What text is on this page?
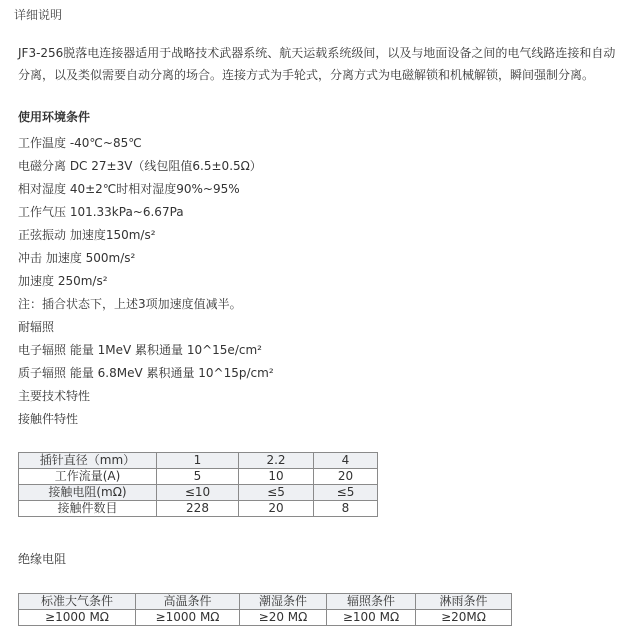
详细说明
JF3-256脱落电连接器适用于战略技术武器系统、航天运载系统级间，以及与地面设备之间的电气线路连接和自动分离，以及类似需要自动分离的场合。连接方式为手轮式，分离方式为电磁解锁和机械解锁，瞬间强制分离。
使用环境条件
工作温度 -40℃~85℃
电磁分离 DC 27±3V（线包阻值6.5±0.5Ω）
相对湿度 40±2℃时相对湿度90%~95%
工作气压 101.33kPa~6.67Pa
正弦振动 加速度150m/s²
冲击 加速度 500m/s²
加速度 250m/s²
注：插合状态下，上述3项加速度值减半。
耐辐照
电子辐照 能量 1MeV 累积通量 10^15e/cm²
质子辐照 能量 6.8MeV 累积通量 10^15p/cm²
主要技术特性
接触件特性
插针直径（mm）	1	2.2	4
工作流量(A)	5	10	20
接触电阻(mΩ)	≤10	≤5	≤5
接触件数目	228	20	8
绝缘电阻
标准大气条件	高温条件	潮湿条件	辐照条件	淋雨条件
≥1000 MΩ	≥1000 MΩ	≥20 MΩ	≥100 MΩ	≥20MΩ
